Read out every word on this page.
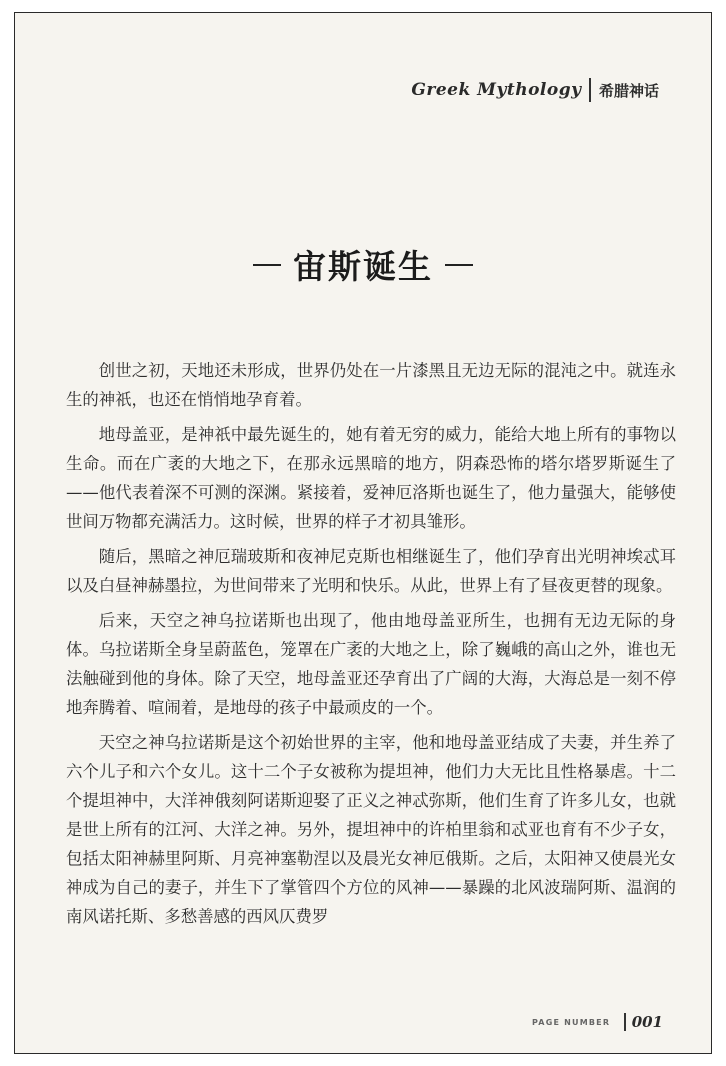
Greek Mythology 希腊神话
宙斯诞生

创世之初，天地还未形成，世界仍处在一片漆黑且无边无际的混沌之中。就连永生的神祇，也还在悄悄地孕育着。

地母盖亚，是神祇中最先诞生的，她有着无穷的威力，能给大地上所有的事物以生命。而在广袤的大地之下，在那永远黑暗的地方，阴森恐怖的塔尔塔罗斯诞生了——他代表着深不可测的深渊。紧接着，爱神厄洛斯也诞生了，他力量强大，能够使世间万物都充满活力。这时候，世界的样子才初具雏形。

随后，黑暗之神厄瑞玻斯和夜神尼克斯也相继诞生了，他们孕育出光明神埃忒耳以及白昼神赫墨拉，为世间带来了光明和快乐。从此，世界上有了昼夜更替的现象。

后来，天空之神乌拉诺斯也出现了，他由地母盖亚所生，也拥有无边无际的身体。乌拉诺斯全身呈蔚蓝色，笼罩在广袤的大地之上，除了巍峨的高山之外，谁也无法触碰到他的身体。除了天空，地母盖亚还孕育出了广阔的大海，大海总是一刻不停地奔腾着、喧闹着，是地母的孩子中最顽皮的一个。

天空之神乌拉诺斯是这个初始世界的主宰，他和地母盖亚结成了夫妻，并生养了六个儿子和六个女儿。这十二个子女被称为提坦神，他们力大无比且性格暴虐。十二个提坦神中，大洋神俄刻阿诺斯迎娶了正义之神忒弥斯，他们生育了许多儿女，也就是世上所有的江河、大洋之神。另外，提坦神中的许柏里翁和忒亚也育有不少子女，包括太阳神赫里阿斯、月亮神塞勒涅以及晨光女神厄俄斯。之后，太阳神又使晨光女神成为自己的妻子，并生下了掌管四个方位的风神——暴躁的北风波瑞阿斯、温润的南风诺托斯、多愁善感的西风仄费罗

PAGE NUMBER 001
